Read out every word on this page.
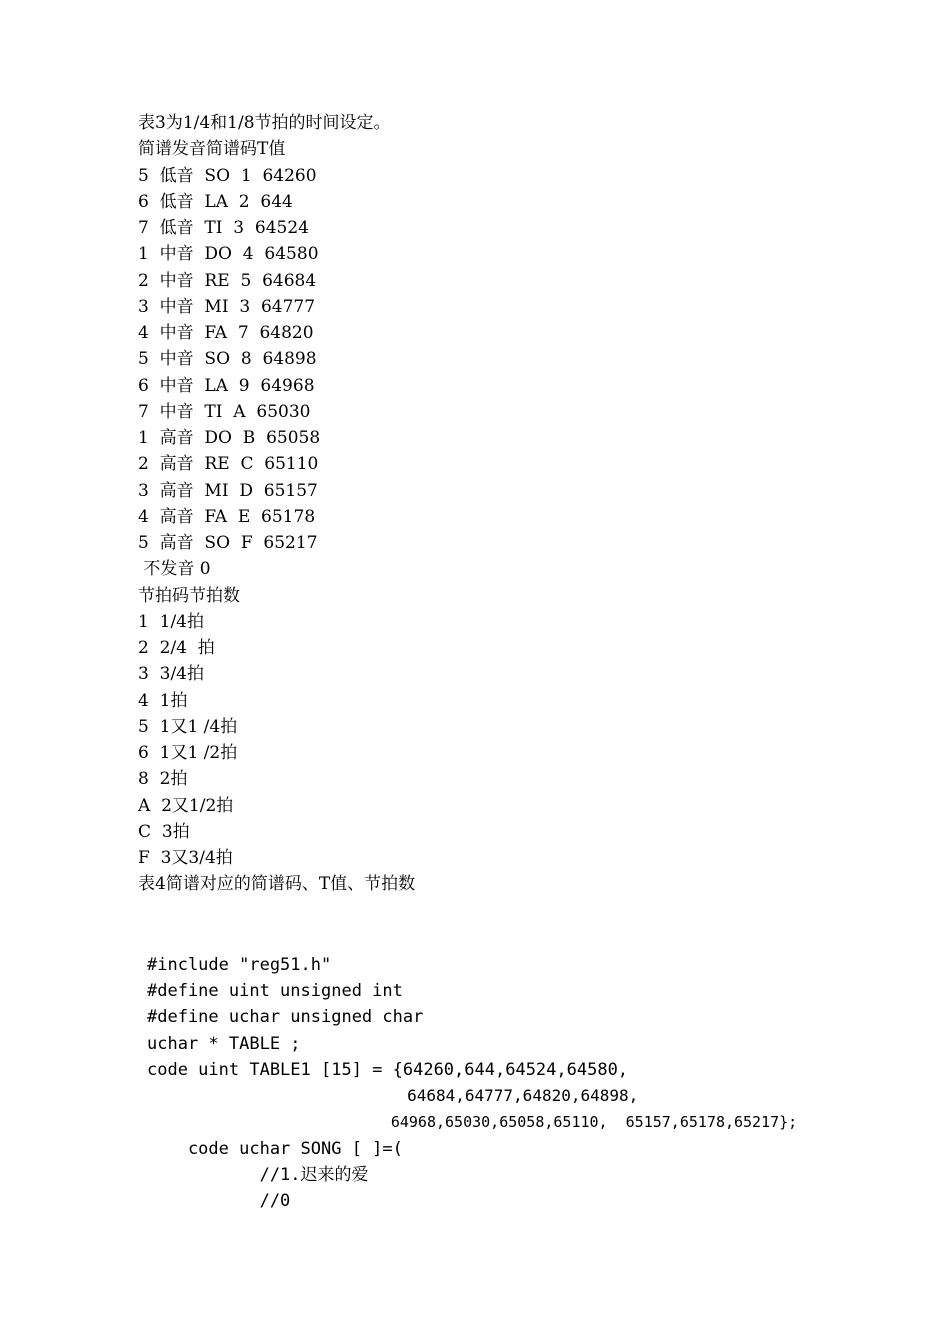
表3为1/4和1/8节拍的时间设定。
简谱发音简谱码T值
5  低音  SO  1  64260
6  低音  LA  2  644
7  低音  TI  3  64524
1  中音  DO  4  64580
2  中音  RE  5  64684
3  中音  MI  3  64777
4  中音  FA  7  64820
5  中音  SO  8  64898
6  中音  LA  9  64968
7  中音  TI  A  65030
1  高音  DO  B  65058
2  高音  RE  C  65110
3  高音  MI  D  65157
4  高音  FA  E  65178
5  高音  SO  F  65217
不发音 0
节拍码节拍数
1  1/4拍
2  2/4  拍
3  3/4拍
4  1拍
5  1又1 /4拍
6  1又1 /2拍
8  2拍
A  2又1/2拍
C  3拍
F  3又3/4拍
表4简谱对应的简谱码、T值、节拍数
#include "reg51.h"
#define uint unsigned int
#define uchar unsigned char
uchar * TABLE ;
code uint TABLE1 [15] = {64260,644,64524,64580,
64684,64777,64820,64898,
64968,65030,65058,65110,  65157,65178,65217};
code uchar SONG [ ]=(
//1.迟来的爱
//0
